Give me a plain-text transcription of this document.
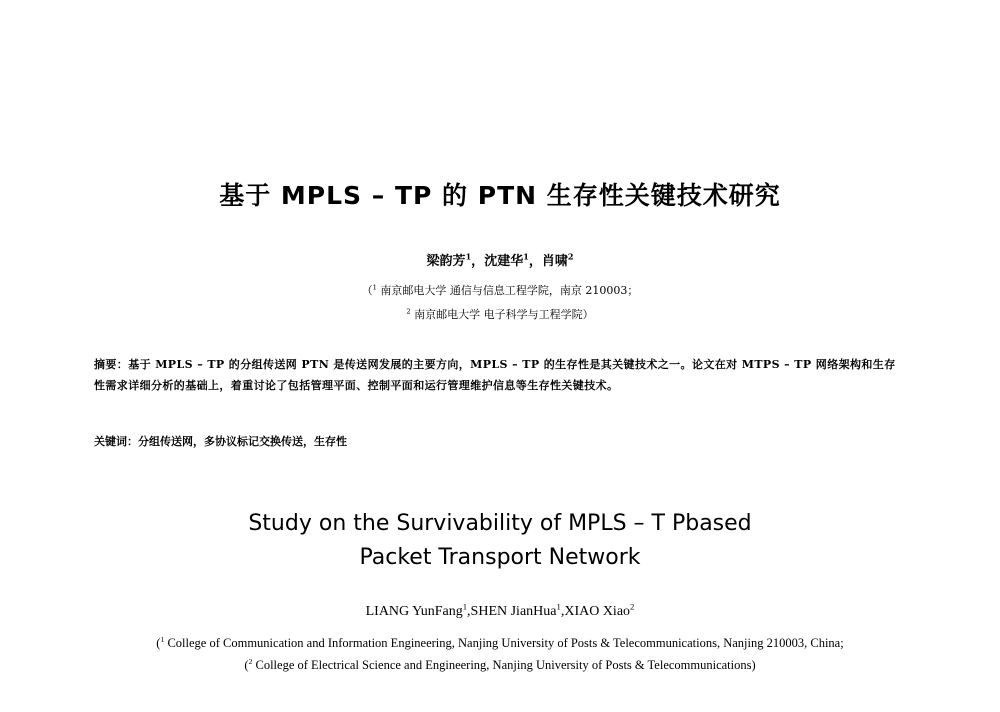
基于 MPLS – TP 的 PTN 生存性关键技术研究
梁韵芳$^1$，沈建华$^1$，肖啸$^2$
（$^1$ 南京邮电大学 通信与信息工程学院，南京 210003；
$^2$ 南京邮电大学 电子科学与工程学院）
摘要：基于 MPLS – TP 的分组传送网 PTN 是传送网发展的主要方向，MPLS – TP 的生存性是其关键技术之一。论文在对 MTPS – TP 网络架构和生存性需求详细分析的基础上，着重讨论了包括管理平面、控制平面和运行管理维护信息等生存性关键技术。
关键词：分组传送网，多协议标记交换传送，生存性
Study on the Survivability of MPLS – T Pbased
Packet Transport Network
LIANG YunFang$^1$,SHEN JianHua$^1$,XIAO Xiao$^2$
($^1$ College of Communication and Information Engineering, Nanjing University of Posts & Telecommunications, Nanjing 210003, China;
($^2$ College of Electrical Science and Engineering, Nanjing University of Posts & Telecommunications)
